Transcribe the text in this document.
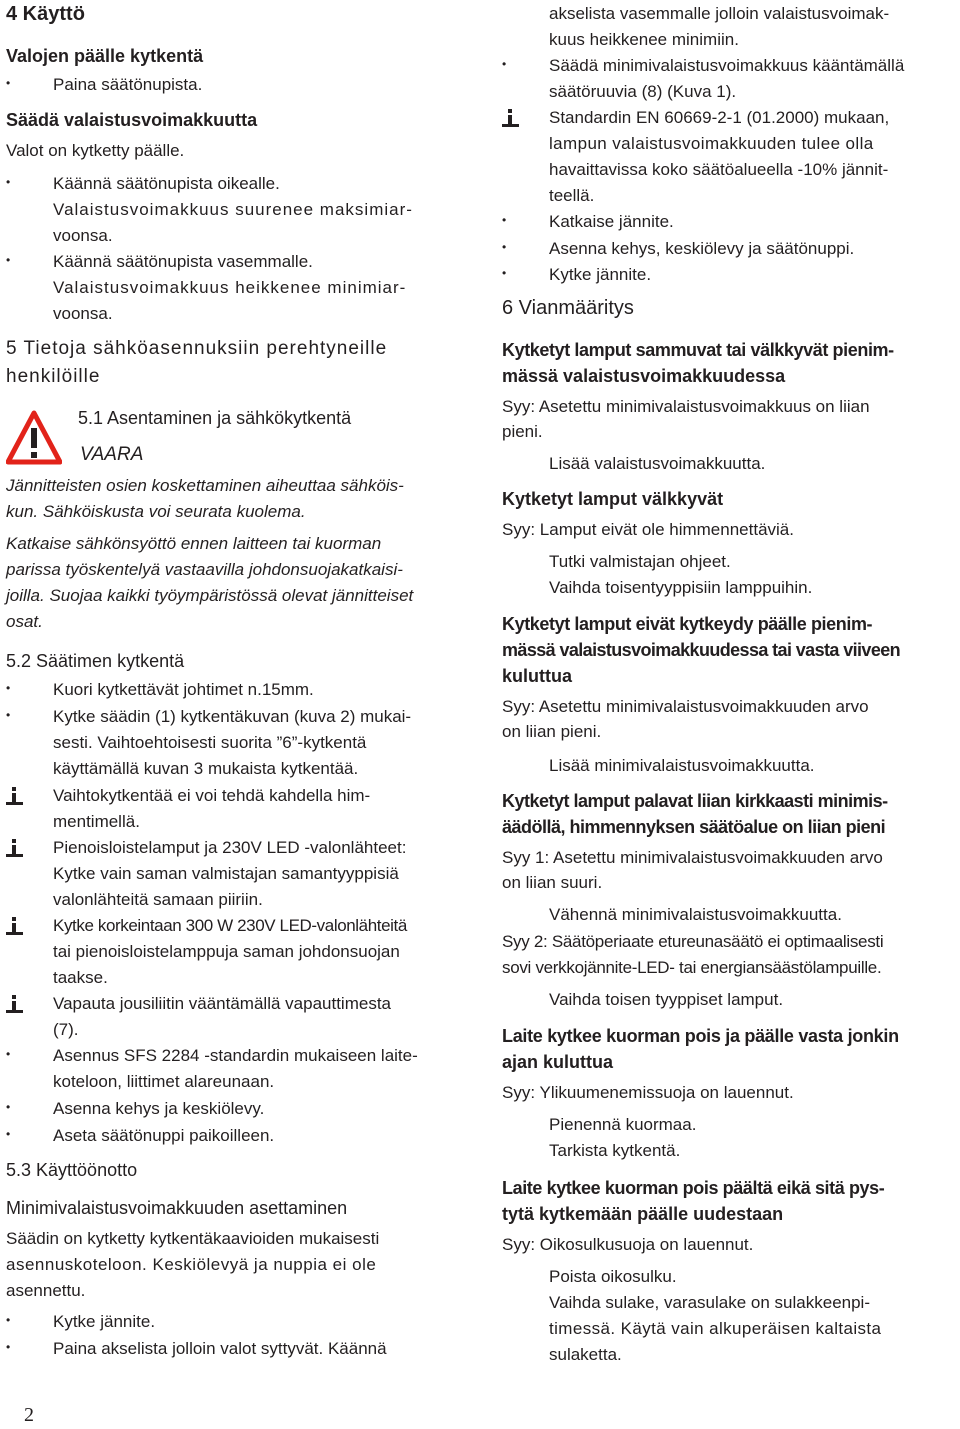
4 Käyttö
Valojen päälle kytkentä
•	Paina säätönupista.
Säädä valaistusvoimakkuutta
Valot on kytketty päälle.
•	Käännä säätönupista oikealle.
Valaistusvoimakkuus suurenee maksimiar-
voonsa.
•	Käännä säätönupista vasemmalle.
Valaistusvoimakkuus heikkenee minimiar-
voonsa.
5 Tietoja sähköasennuksiin perehtyneille
henkilöille
5.1 Asentaminen ja sähkökytkentä
VAARA
Jännitteisten osien koskettaminen aiheuttaa sähköis-
kun. Sähköiskusta voi seurata kuolema.
Katkaise sähkönsyöttö ennen laitteen tai kuorman
parissa työskentelyä vastaavilla johdonsuojakatkaisi-
joilla. Suojaa kaikki työympäristössä olevat jännitteiset
osat.
5.2 Säätimen kytkentä
•	Kuori kytkettävät johtimet n.15mm.
•	Kytke säädin (1) kytkentäkuvan (kuva 2) mukai-
sesti. Vaihtoehtoisesti suorita ”6”-kytkentä
käyttämällä kuvan 3 mukaista kytkentää.
Vaihtokytkentää ei voi tehdä kahdella him-
mentimellä.
Pienoisloistelamput ja 230V LED -valonlähteet:
Kytke vain saman valmistajan samantyyppisiä
valonlähteitä samaan piiriin.
Kytke korkeintaan 300 W 230V LED-valonlähteitä
tai pienoisloistelamppuja saman johdonsuojan
taakse.
Vapauta jousiliitin vääntämällä vapauttimesta
(7).
•	Asennus SFS 2284 -standardin mukaiseen laite-
koteloon, liittimet alareunaan.
•	Asenna kehys ja keskiölevy.
•	Aseta säätönuppi paikoilleen.
5.3 Käyttöönotto
Minimivalaistusvoimakkuuden asettaminen
Säädin on kytketty kytkentäkaavioiden mukaisesti
asennuskoteloon. Keskiölevyä ja nuppia ei ole
asennettu.
•	Kytke jännite.
•	Paina akselista jolloin valot syttyvät. Käännä
akselista vasemmalle jolloin valaistusvoimak-
kuus heikkenee minimiin.
•	Säädä minimivalaistusvoimakkuus kääntämällä
säätöruuvia (8) (Kuva 1).
Standardin EN 60669-2-1 (01.2000) mukaan,
lampun valaistusvoimakkuuden tulee olla
havaittavissa koko säätöalueella -10% jännit-
teellä.
•	Katkaise jännite.
•	Asenna kehys, keskiölevy ja säätönuppi.
•	Kytke jännite.
6 Vianmääritys
Kytketyt lamput sammuvat tai välkkyvät pienim-
mässä valaistusvoimakkuudessa
Syy: Asetettu minimivalaistusvoimakkuus on liian
pieni.
Lisää valaistusvoimakkuutta.
Kytketyt lamput välkkyvät
Syy: Lamput eivät ole himmennettäviä.
Tutki valmistajan ohjeet.
Vaihda toisentyyppisiin lamppuihin.
Kytketyt lamput eivät kytkeydy päälle pienim-
mässä valaistusvoimakkuudessa tai vasta viiveen
kuluttua
Syy: Asetettu minimivalaistusvoimakkuuden arvo
on liian pieni.
Lisää minimivalaistusvoimakkuutta.
Kytketyt lamput palavat liian kirkkaasti minimis-
äädöllä, himmennyksen säätöalue on liian pieni
Syy 1: Asetettu minimivalaistusvoimakkuuden arvo
on liian suuri.
Vähennä minimivalaistusvoimakkuutta.
Syy 2: Säätöperiaate etureunasäätö ei optimaalisesti
sovi verkkojännite-LED- tai energiansäästölampuille.
Vaihda toisen tyyppiset lamput.
Laite kytkee kuorman pois ja päälle vasta jonkin
ajan kuluttua
Syy: Ylikuumenemissuoja on lauennut.
Pienennä kuormaa.
Tarkista kytkentä.
Laite kytkee kuorman pois päältä eikä sitä pys-
tytä kytkemään päälle uudestaan
Syy: Oikosulkusuoja on lauennut.
Poista oikosulku.
Vaihda sulake, varasulake on sulakkeenpi-
timessä. Käytä vain alkuperäisen kaltaista
sulaketta.
2
